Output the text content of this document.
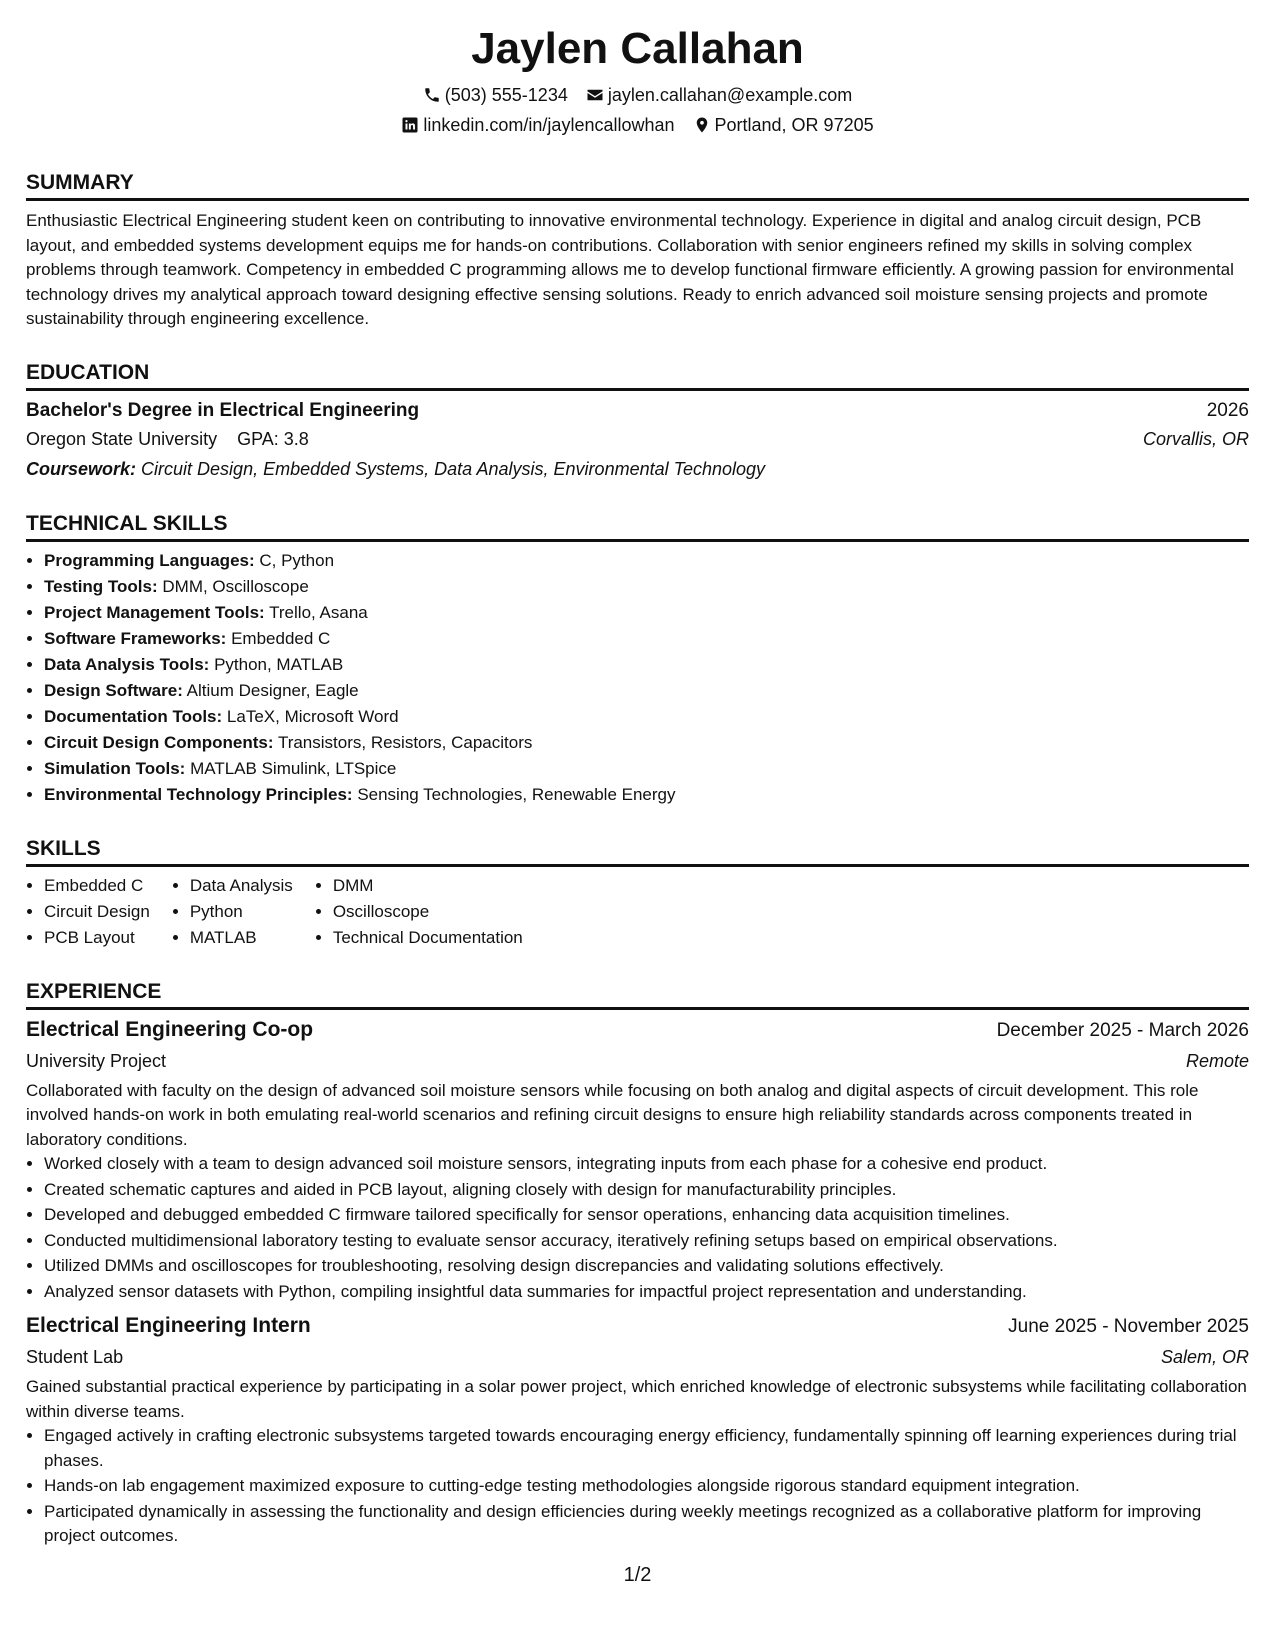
Jaylen Callahan
(503) 555-1234 jaylen.callahan@example.com
linkedin.com/in/jaylencallowhan Portland, OR 97205
SUMMARY
Enthusiastic Electrical Engineering student keen on contributing to innovative environmental technology. Experience in digital and analog circuit design, PCB layout, and embedded systems development equips me for hands-on contributions. Collaboration with senior engineers refined my skills in solving complex problems through teamwork. Competency in embedded C programming allows me to develop functional firmware efficiently. A growing passion for environmental technology drives my analytical approach toward designing effective sensing solutions. Ready to enrich advanced soil moisture sensing projects and promote sustainability through engineering excellence.
EDUCATION
Bachelor's Degree in Electrical Engineering	2026
Oregon State University GPA: 3.8	Corvallis, OR
Coursework: Circuit Design, Embedded Systems, Data Analysis, Environmental Technology
TECHNICAL SKILLS
• Programming Languages: C, Python
• Testing Tools: DMM, Oscilloscope
• Project Management Tools: Trello, Asana
• Software Frameworks: Embedded C
• Data Analysis Tools: Python, MATLAB
• Design Software: Altium Designer, Eagle
• Documentation Tools: LaTeX, Microsoft Word
• Circuit Design Components: Transistors, Resistors, Capacitors
• Simulation Tools: MATLAB Simulink, LTSpice
• Environmental Technology Principles: Sensing Technologies, Renewable Energy
SKILLS
• Embedded C
• Circuit Design
• PCB Layout
• Data Analysis
• Python
• MATLAB
• DMM
• Oscilloscope
• Technical Documentation
EXPERIENCE
Electrical Engineering Co-op	December 2025 - March 2026
University Project	Remote
Collaborated with faculty on the design of advanced soil moisture sensors while focusing on both analog and digital aspects of circuit development. This role involved hands-on work in both emulating real-world scenarios and refining circuit designs to ensure high reliability standards across components treated in laboratory conditions.
• Worked closely with a team to design advanced soil moisture sensors, integrating inputs from each phase for a cohesive end product.
• Created schematic captures and aided in PCB layout, aligning closely with design for manufacturability principles.
• Developed and debugged embedded C firmware tailored specifically for sensor operations, enhancing data acquisition timelines.
• Conducted multidimensional laboratory testing to evaluate sensor accuracy, iteratively refining setups based on empirical observations.
• Utilized DMMs and oscilloscopes for troubleshooting, resolving design discrepancies and validating solutions effectively.
• Analyzed sensor datasets with Python, compiling insightful data summaries for impactful project representation and understanding.
Electrical Engineering Intern	June 2025 - November 2025
Student Lab	Salem, OR
Gained substantial practical experience by participating in a solar power project, which enriched knowledge of electronic subsystems while facilitating collaboration within diverse teams.
• Engaged actively in crafting electronic subsystems targeted towards encouraging energy efficiency, fundamentally spinning off learning experiences during trial phases.
• Hands-on lab engagement maximized exposure to cutting-edge testing methodologies alongside rigorous standard equipment integration.
• Participated dynamically in assessing the functionality and design efficiencies during weekly meetings recognized as a collaborative platform for improving project outcomes.
1/2
